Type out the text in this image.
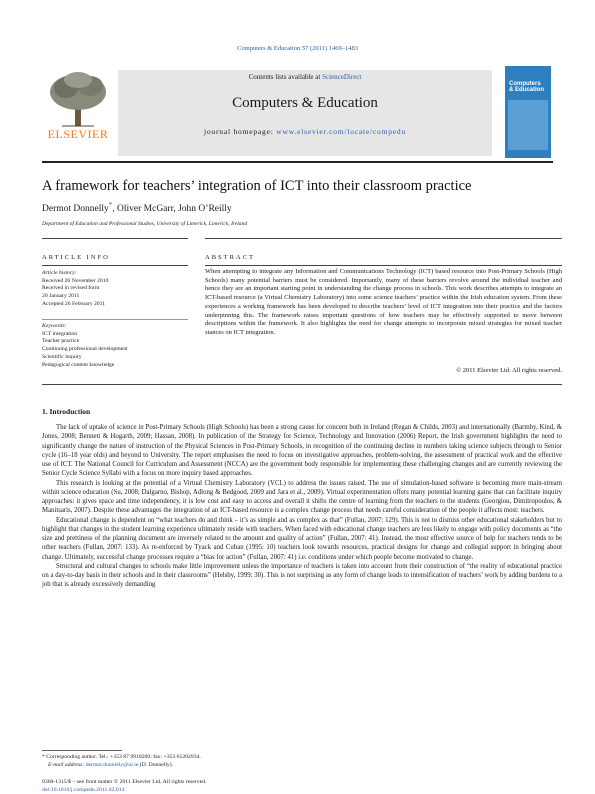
Computers & Education 57 (2011) 1469–1483
ELSEVIER
Contents lists available at ScienceDirect
Computers & Education
journal homepage: www.elsevier.com/locate/compedu
Computers
& Education
A framework for teachers’ integration of ICT into their classroom practice
Dermot Donnelly*, Oliver McGarr, John O’Reilly
Department of Education and Professional Studies, University of Limerick, Limerick, Ireland
ARTICLE INFO
Article history:
Received 26 November 2010
Received in revised form
20 January 2011
Accepted 26 February 2011
Keywords:
ICT integration
Teacher practice
Continuing professional development
Scientific inquiry
Pedagogical content knowledge
ABSTRACT
When attempting to integrate any Information and Communications Technology (ICT) based resource into Post-Primary Schools (High Schools) many potential barriers must be considered. Importantly, many of these barriers revolve around the individual teacher and hence they are an important starting point in understanding the change process in schools. This work describes attempts to integrate an ICT-based resource (a Virtual Chemistry Laboratory) into some science teachers’ practice within the Irish education system. From these experiences a working framework has been developed to describe teachers’ level of ICT integration into their practice and the factors underpinning this. The framework raises important questions of how teachers may be effectively supported to move between descriptions within the framework. It also highlights the need for change attempts to incorporate mixed strategies for mixed teacher stances on ICT integration.
© 2011 Elsevier Ltd. All rights reserved.
1. Introduction

The lack of uptake of science in Post-Primary Schools (High Schools) has been a strong cause for concern both in Ireland (Regan & Childs, 2003) and internationally (Barmby, Kind, & Jones, 2008; Bennett & Hogarth, 2009; Hassan, 2008). In publication of the Strategy for Science, Technology and Innovation (2006) Report, the Irish government highlights the need to significantly change the nature of instruction of the Physical Sciences in Post-Primary Schools, in recognition of the continuing decline in numbers taking science subjects through to Senior cycle (16–18 year olds) and beyond to University. The report emphasises the need to focus on investigative approaches, problem-solving, the assessment of practical work and the effective use of ICT. The National Council for Curriculum and Assessment (NCCA) are the government body responsible for implementing these challenging changes and are currently reviewing the Senior Cycle Science Syllabi with a focus on more inquiry based approaches.

This research is looking at the potential of a Virtual Chemistry Laboratory (VCL) to address the issues raised. The use of simulation-based software is becoming more main-stream within science education (Su, 2008; Dalgarno, Bishop, Adlong & Bedgood, 2009 and Jara et al., 2009). Virtual experimentation offers many potential learning gains that can facilitate inquiry approaches: it gives space and time independency, it is low cost and easy to access and overall it shifts the centre of learning from the teachers to the students (Georgiou, Dimitropoulos, & Manitsaris, 2007). Despite these advantages the integration of an ICT-based resource is a complex change process that needs careful consideration of the people it affects most: teachers.

Educational change is dependent on “what teachers do and think – it’s as simple and as complex as that” (Fullan, 2007: 129). This is not to dismiss other educational stakeholders but to highlight that changes in the student learning experience ultimately reside with teachers. When faced with educational change teachers are less likely to engage with policy documents as “the size and prettiness of the planning document are inversely related to the amount and quality of action” (Fullan, 2007: 41). Instead, the most effective source of help for teachers tends to be other teachers (Fullan, 2007: 133). As re-enforced by Tyack and Cuban (1995: 10) teachers look towards resources, practical designs for change and collegial support in bringing about change. Ultimately, successful change processes require a “bias for action” (Fullan, 2007: 41) i.e. conditions under which people become motivated to change.

Structural and cultural changes to schools make little improvement unless the importance of teachers is taken into account from their construction of “the reality of educational practice on a day-to-day basis in their schools and in their classrooms” (Helsby, 1999: 30). This is not surprising as any form of change leads to intensification of teachers’ work by adding burdens to a job that is already excessively demanding

* Corresponding author. Tel.: +353 87 9918260; fax: +353 61202934.
E-mail address: dermot.donnelly@ul.ie (D. Donnelly).
0360-1315/$ – see front matter © 2011 Elsevier Ltd. All rights reserved.
doi:10.1016/j.compedu.2011.02.014
